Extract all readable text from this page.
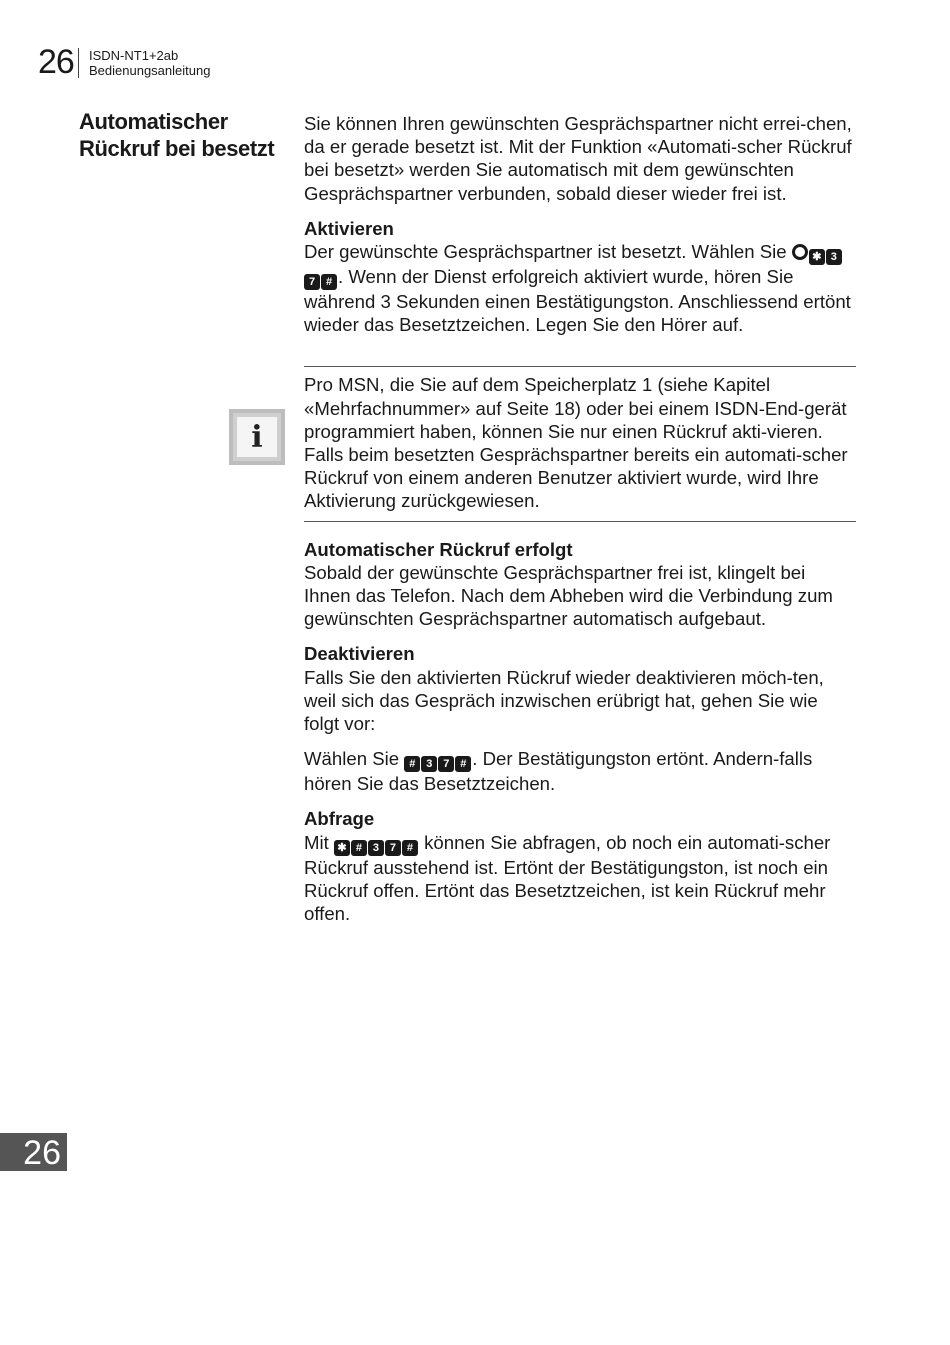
26 ISDN-NT1+2ab
Bedienungsanleitung
Automatischer
Rückruf bei besetzt
i

Sie können Ihren gewünschten Gesprächspartner nicht errei-chen, da er gerade besetzt ist. Mit der Funktion «Automati-scher Rückruf bei besetzt» werden Sie automatisch mit dem gewünschten Gesprächspartner verbunden, sobald dieser wieder frei ist.

Aktivieren

Der gewünschte Gesprächspartner ist besetzt. Wählen Sie ✱ 37 # . Wenn der Dienst erfolgreich aktiviert wurde, hören Sie während 3 Sekunden einen Bestätigungston. Anschliessend ertönt wieder das Besetztzeichen. Legen Sie den Hörer auf.

Pro MSN, die Sie auf dem Speicherplatz 1 (siehe Kapitel «Mehrfachnummer» auf Seite 18) oder bei einem ISDN-End-gerät programmiert haben, können Sie nur einen Rückruf akti-vieren.

Falls beim besetzten Gesprächspartner bereits ein automati-scher Rückruf von einem anderen Benutzer aktiviert wurde, wird Ihre Aktivierung zurückgewiesen.

Automatischer Rückruf erfolgt

Sobald der gewünschte Gesprächspartner frei ist, klingelt bei Ihnen das Telefon. Nach dem Abheben wird die Verbindung zum gewünschten Gesprächspartner automatisch aufgebaut.

Deaktivieren

Falls Sie den aktivierten Rückruf wieder deaktivieren möch-ten, weil sich das Gespräch inzwischen erübrigt hat, gehen Sie wie folgt vor:

Wählen Sie # 3 7 # . Der Bestätigungston ertönt. Andern-falls hören Sie das Besetztzeichen.

Abfrage

Mit ✱ # 3 7 # können Sie abfragen, ob noch ein automati-scher Rückruf ausstehend ist. Ertönt der Bestätigungston, ist noch ein Rückruf offen. Ertönt das Besetztzeichen, ist kein Rückruf mehr offen.

26
